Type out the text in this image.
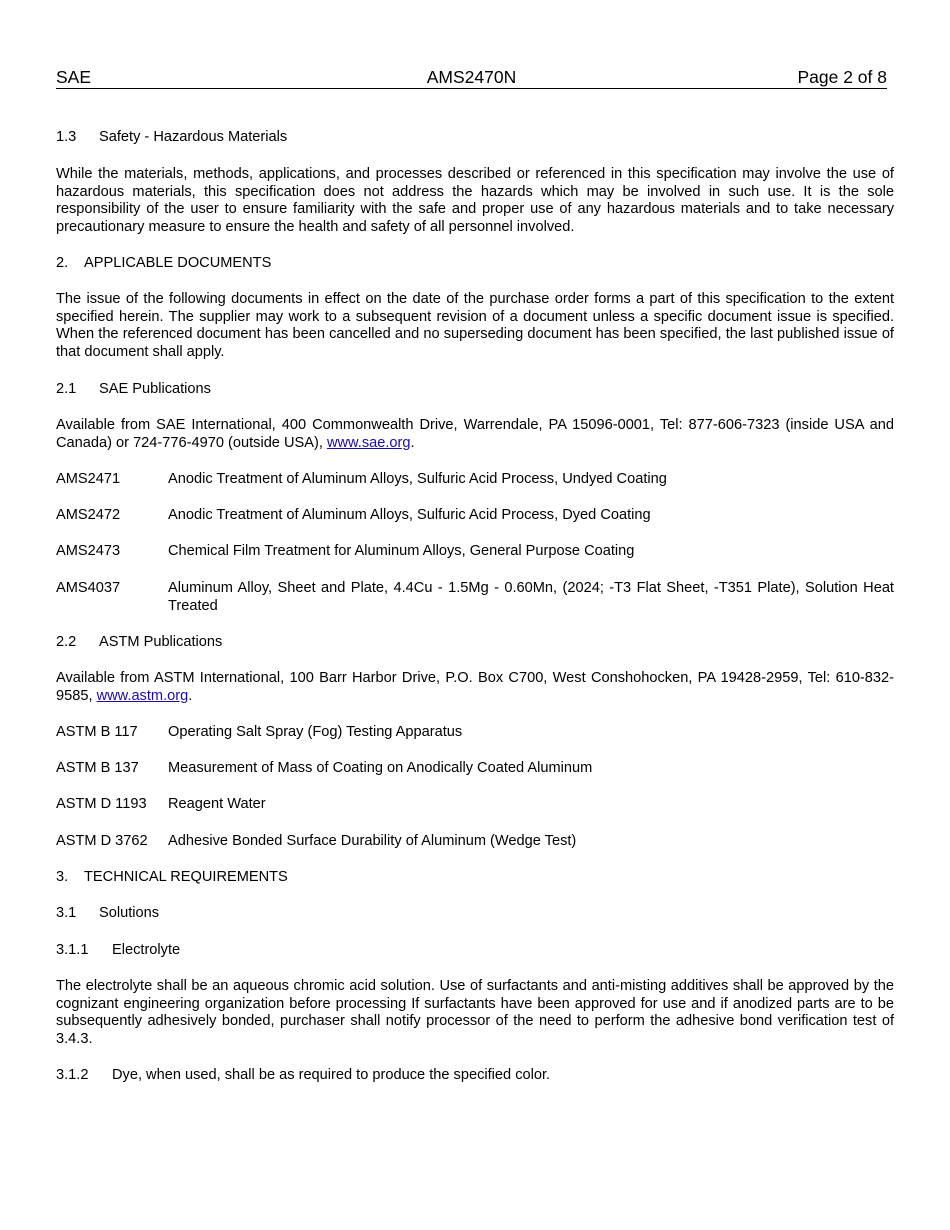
SAE	AMS2470N	Page 2 of 8
1.3 Safety - Hazardous Materials
While the materials, methods, applications, and processes described or referenced in this specification may involve the use of hazardous materials, this specification does not address the hazards which may be involved in such use. It is the sole responsibility of the user to ensure familiarity with the safe and proper use of any hazardous materials and to take necessary precautionary measure to ensure the health and safety of all personnel involved.
2. APPLICABLE DOCUMENTS
The issue of the following documents in effect on the date of the purchase order forms a part of this specification to the extent specified herein. The supplier may work to a subsequent revision of a document unless a specific document issue is specified. When the referenced document has been cancelled and no superseding document has been specified, the last published issue of that document shall apply.
2.1 SAE Publications
Available from SAE International, 400 Commonwealth Drive, Warrendale, PA 15096-0001, Tel: 877-606-7323 (inside USA and Canada) or 724-776-4970 (outside USA), www.sae.org.
AMS2471	Anodic Treatment of Aluminum Alloys, Sulfuric Acid Process, Undyed Coating
AMS2472	Anodic Treatment of Aluminum Alloys, Sulfuric Acid Process, Dyed Coating
AMS2473	Chemical Film Treatment for Aluminum Alloys, General Purpose Coating
AMS4037	Aluminum Alloy, Sheet and Plate, 4.4Cu - 1.5Mg - 0.60Mn, (2024; -T3 Flat Sheet, -T351 Plate), Solution Heat Treated
2.2 ASTM Publications
Available from ASTM International, 100 Barr Harbor Drive, P.O. Box C700, West Conshohocken, PA 19428-2959, Tel: 610-832-9585, www.astm.org.
ASTM B 117	Operating Salt Spray (Fog) Testing Apparatus
ASTM B 137	Measurement of Mass of Coating on Anodically Coated Aluminum
ASTM D 1193	Reagent Water
ASTM D 3762	Adhesive Bonded Surface Durability of Aluminum (Wedge Test)
3. TECHNICAL REQUIREMENTS
3.1 Solutions
3.1.1 Electrolyte
The electrolyte shall be an aqueous chromic acid solution. Use of surfactants and anti-misting additives shall be approved by the cognizant engineering organization before processing If surfactants have been approved for use and if anodized parts are to be subsequently adhesively bonded, purchaser shall notify processor of the need to perform the adhesive bond verification test of 3.4.3.
3.1.2 Dye, when used, shall be as required to produce the specified color.
